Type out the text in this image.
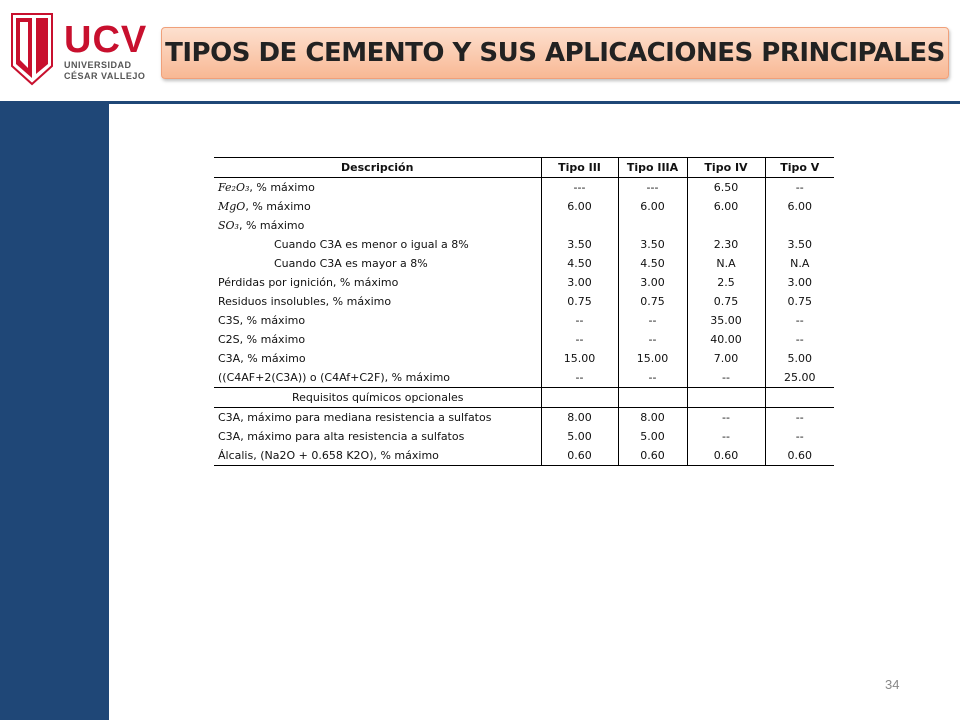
UCV
UNIVERSIDAD
CÉSAR VALLEJO
TIPOS DE CEMENTO Y SUS APLICACIONES PRINCIPALES
Descripción	Tipo III	Tipo IIIA	Tipo IV	Tipo V
Fe₂O₃, % máximo	---	---	6.50	--
MgO, % máximo	6.00	6.00	6.00	6.00
SO₃, % máximo				
Cuando C3A es menor o igual a 8%	3.50	3.50	2.30	3.50
Cuando C3A es mayor a 8%	4.50	4.50	N.A	N.A
Pérdidas por ignición, % máximo	3.00	3.00	2.5	3.00
Residuos insolubles, % máximo	0.75	0.75	0.75	0.75
C3S, % máximo	--	--	35.00	--
C2S, % máximo	--	--	40.00	--
C3A, % máximo	15.00	15.00	7.00	5.00
((C4AF+2(C3A)) o (C4Af+C2F), % máximo	--	--	--	25.00
Requisitos químicos opcionales				
C3A, máximo para mediana resistencia a sulfatos	8.00	8.00	--	--
C3A, máximo para alta resistencia a sulfatos	5.00	5.00	--	--
Álcalis, (Na2O + 0.658 K2O), % máximo	0.60	0.60	0.60	0.60
34
